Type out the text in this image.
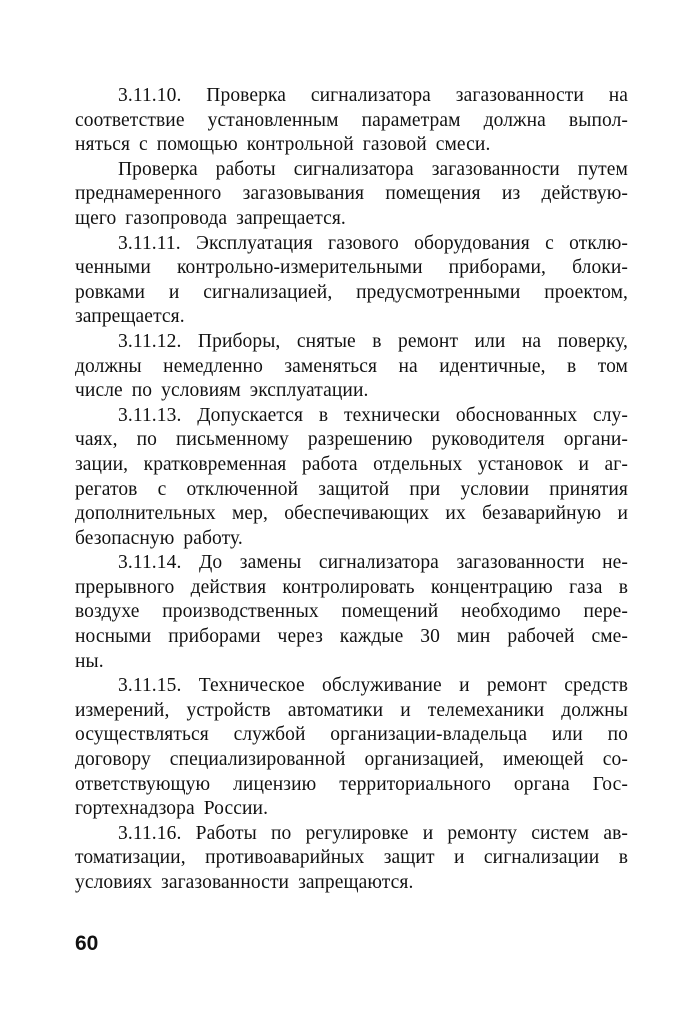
3.11.10. Проверка сигнализатора загазованности на
соответствие установленным параметрам должна выпол-
няться с помощью контрольной газовой смеси.
Проверка работы сигнализатора загазованности путем
преднамеренного загазовывания помещения из действую-
щего газопровода запрещается.
3.11.11. Эксплуатация газового оборудования с отклю-
ченными контрольно-измерительными приборами, блоки-
ровками и сигнализацией, предусмотренными проектом,
запрещается.
3.11.12. Приборы, снятые в ремонт или на поверку,
должны немедленно заменяться на идентичные, в том
числе по условиям эксплуатации.
3.11.13. Допускается в технически обоснованных слу-
чаях, по письменному разрешению руководителя органи-
зации, кратковременная работа отдельных установок и аг-
регатов с отключенной защитой при условии принятия
дополнительных мер, обеспечивающих их безаварийную и
безопасную работу.
3.11.14. До замены сигнализатора загазованности не-
прерывного действия контролировать концентрацию газа в
воздухе производственных помещений необходимо пере-
носными приборами через каждые 30 мин рабочей сме-
ны.
3.11.15. Техническое обслуживание и ремонт средств
измерений, устройств автоматики и телемеханики должны
осуществляться службой организации-владельца или по
договору специализированной организацией, имеющей со-
ответствующую лицензию территориального органа Гос-
гортехнадзора России.
3.11.16. Работы по регулировке и ремонту систем ав-
томатизации, противоаварийных защит и сигнализации в
условиях загазованности запрещаются.
60
